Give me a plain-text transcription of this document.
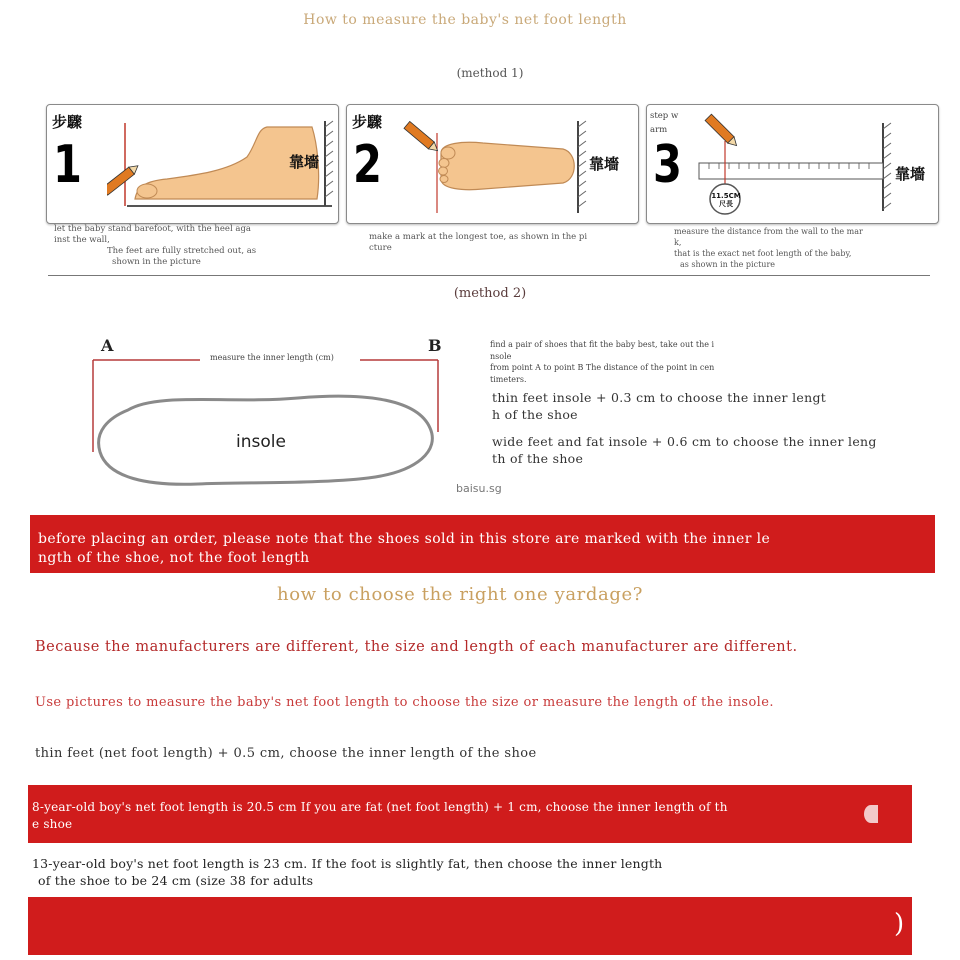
How to measure the baby's net foot length
(method 1)
步驟
1	靠墻
let the baby stand barefoot, with the heel aga
inst the wall,
The feet are fully stretched out, as
shown in the picture
步驟
2	靠墻
make a mark at the longest toe, as shown in the pi
cture
step w
arm
3
11.5CM
尺長
靠墻
measure the distance from the wall to the mar
k,
that is the exact net foot length of the baby,
as shown in the picture
(method 2)
A	B
measure the inner length (cm)
insole
baisu.sg
find a pair of shoes that fit the baby best, take out the i
nsole
from point A to point B The distance of the point in cen
timeters.
thin feet insole + 0.3 cm to choose the inner lengt
h of the shoe
wide feet and fat insole + 0.6 cm to choose the inner leng
th of the shoe
before placing an order, please note that the shoes sold in this store are marked with the inner le
ngth of the shoe, not the foot length
how to choose the right one yardage?
Because the manufacturers are different, the size and length of each manufacturer are different.
Use pictures to measure the baby's net foot length to choose the size or measure the length of the insole.
thin feet (net foot length) + 0.5 cm, choose the inner length of the shoe
8-year-old boy's net foot length is 20.5 cm If you are fat (net foot length) + 1 cm, choose the inner length of th
e shoe
13-year-old boy's net foot length is 23 cm. If the foot is slightly fat, then choose the inner length
of the shoe to be 24 cm (size 38 for adults
)
